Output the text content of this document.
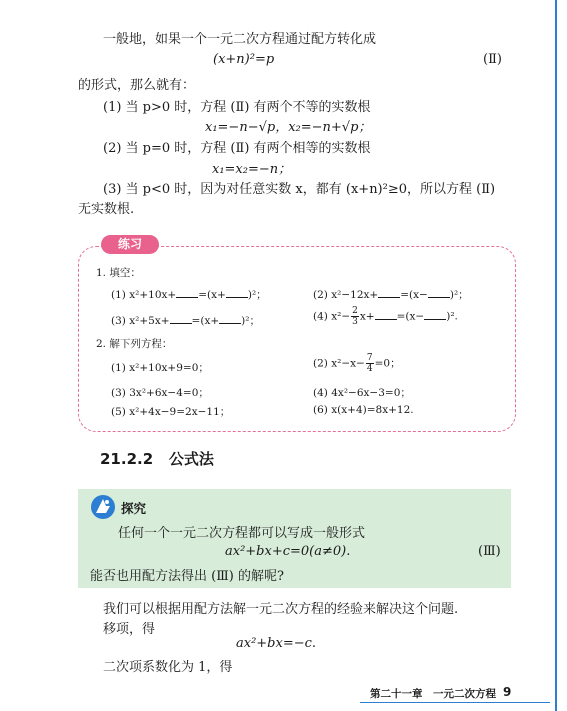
一般地，如果一个一元二次方程通过配方转化成
(x+n)²=p	(Ⅱ)
的形式，那么就有：
(1) 当 p>0 时，方程 (Ⅱ) 有两个不等的实数根
x₁=−n−√p，x₂=−n+√p；
(2) 当 p=0 时，方程 (Ⅱ) 有两个相等的实数根
x₁=x₂=−n；
(3) 当 p<0 时，因为对任意实数 x，都有 (x+n)²≥0，所以方程 (Ⅱ)
无实数根.
练习
1. 填空：
(1) x²+10x+ =(x+ )²；	(2) x²−12x+ =(x− )²；
(3) x²+5x+ =(x+ )²；	(4) $x^2- \frac{2}{3} x+ =(x- )^2$.
2. 解下列方程：
(1) x²+10x+9=0；	(2) $x^2-x- \frac{7}{4} =0$；
(3) 3x²+6x−4=0；	(4) 4x²−6x−3=0；
(5) x²+4x−9=2x−11；	(6) x(x+4)=8x+12.
21.2.2 公式法
探究
任何一个一元二次方程都可以写成一般形式
ax²+bx+c=0(a≠0).	(Ⅲ)
能否也用配方法得出 (Ⅲ) 的解呢?
我们可以根据用配方法解一元二次方程的经验来解决这个问题.
移项，得
ax²+bx=−c.
二次项系数化为 1，得
第二十一章　一元二次方程 9
